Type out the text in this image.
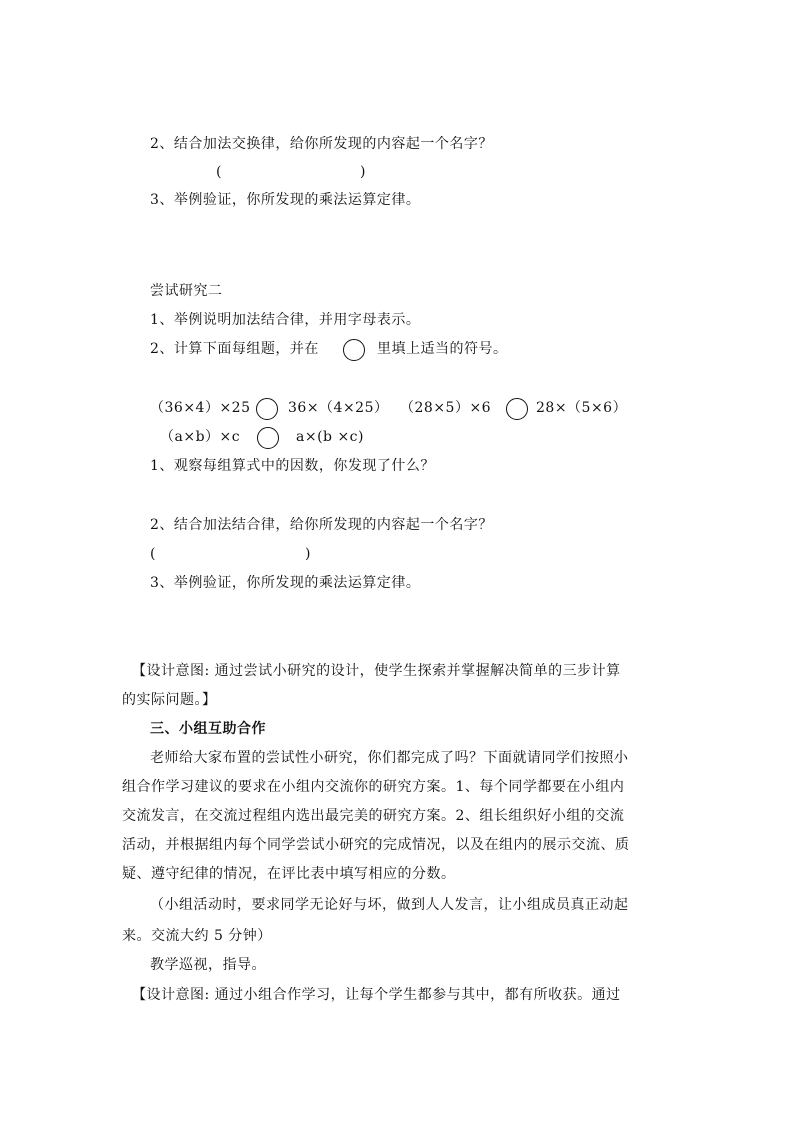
2、结合加法交换律，给你所发现的内容起一个名字？
(	)
3、举例验证，你所发现的乘法运算定律。
尝试研究二
1、举例说明加法结合律，并用字母表示。
2、计算下面每组题，并在	里填上适当的符号。
（36×4）×25	36×（4×25） （28×5）×6	28×（5×6）
（a×b）×c	a×(b ×c)
1、观察每组算式中的因数，你发现了什么？
2、结合加法结合律，给你所发现的内容起一个名字？
(	)
3、举例验证，你所发现的乘法运算定律。
【设计意图: 通过尝试小研究的设计，使学生探索并掌握解决简单的三步计算
的实际问题。】
三、小组互助合作
老师给大家布置的尝试性小研究，你们都完成了吗？下面就请同学们按照小
组合作学习建议的要求在小组内交流你的研究方案。1、每个同学都要在小组内
交流发言，在交流过程组内选出最完美的研究方案。2、组长组织好小组的交流
活动，并根据组内每个同学尝试小研究的完成情况，以及在组内的展示交流、质
疑、遵守纪律的情况，在评比表中填写相应的分数。
（小组活动时，要求同学无论好与坏，做到人人发言，让小组成员真正动起
来。交流大约 5 分钟）
教学巡视，指导。
【设计意图: 通过小组合作学习，让每个学生都参与其中，都有所收获。通过
